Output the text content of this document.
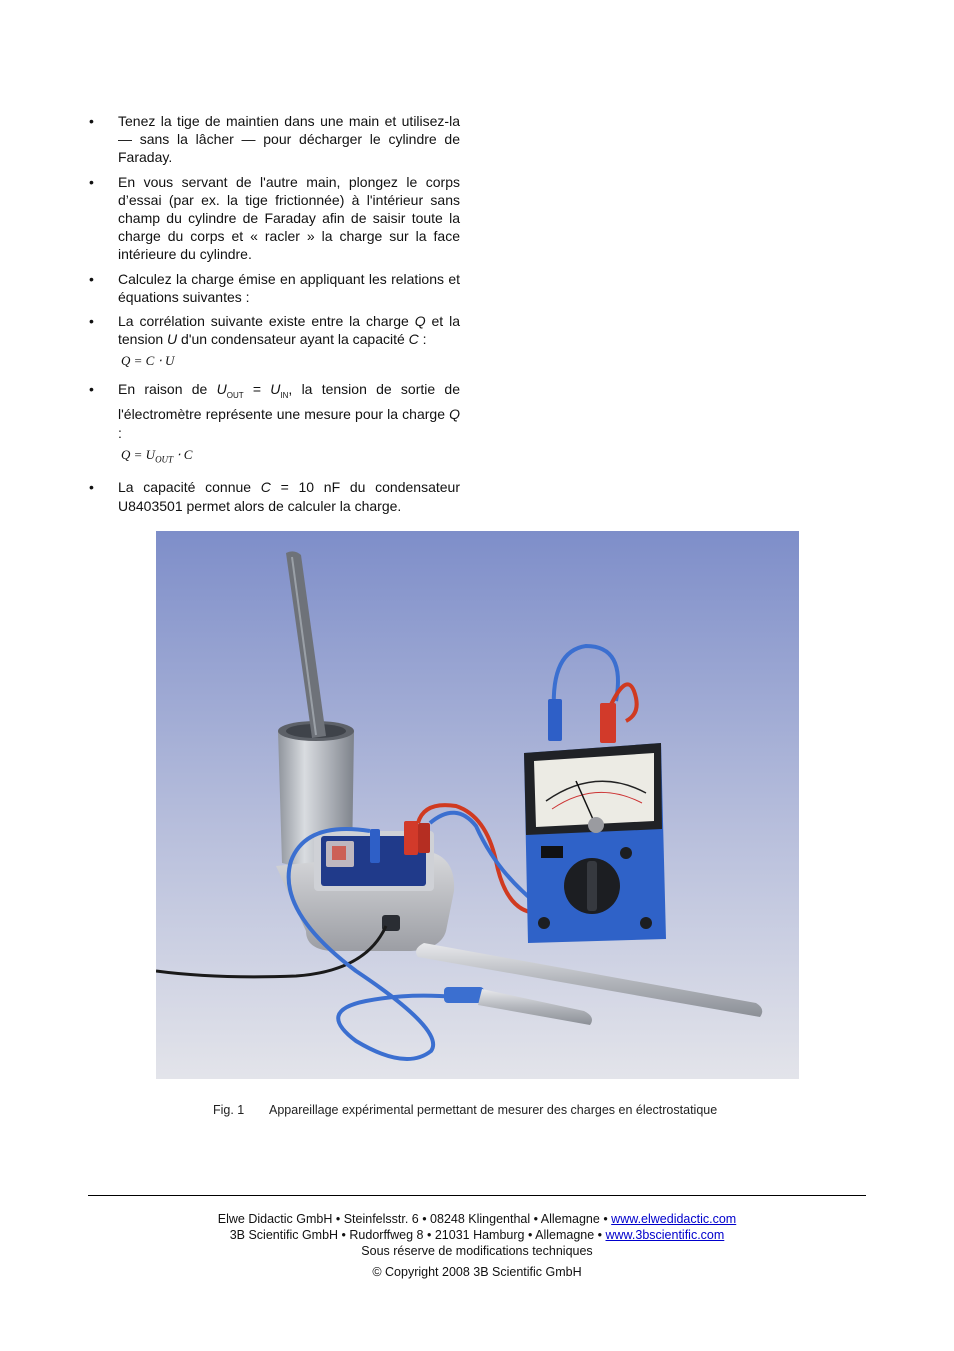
• Tenez la tige de maintien dans une main et utilisez-la — sans la lâcher — pour décharger le cylindre de Faraday.
• En vous servant de l'autre main, plongez le corps d’essai (par ex. la tige frictionnée) à l'intérieur sans champ du cylindre de Faraday afin de saisir toute la charge du corps et « racler » la charge sur la face intérieure du cylindre.
• Calculez la charge émise en appliquant les relations et équations suivantes :
• La corrélation suivante existe entre la charge Q et la tension U d'un condensateur ayant la capacité C :
Q = C ⋅ U
• En raison de $U_{OUT} = U_{IN}$, la tension de sortie de l'électromètre représente une mesure pour la charge Q :
$Q = U_{OUT} \cdot C$
• La capacité connue C = 10 nF du condensateur U8403501 permet alors de calculer la charge.
Fig. 1 Appareillage expérimental permettant de mesurer des charges en électrostatique
Elwe Didactic GmbH • Steinfelsstr. 6 • 08248 Klingenthal • Allemagne • www.elwedidactic.com
3B Scientific GmbH • Rudorffweg 8 • 21031 Hamburg • Allemagne • www.3bscientific.com
Sous réserve de modifications techniques
© Copyright 2008 3B Scientific GmbH
